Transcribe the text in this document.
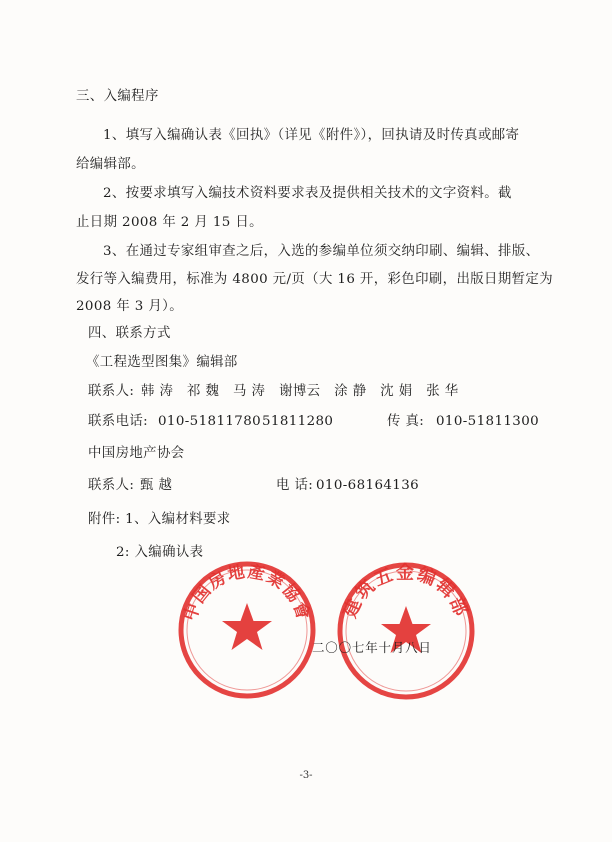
三、入编程序
1、填写入编确认表《回执》（详见《附件》），回执请及时传真或邮寄
给编辑部。
2、按要求填写入编技术资料要求表及提供相关技术的文字资料。截
止日期 2008 年 2 月 15 日。
3、在通过专家组审查之后，入选的参编单位须交纳印刷、编辑、排版、
发行等入编费用，标准为 4800 元/页（大 16 开，彩色印刷，出版日期暂定为
2008 年 3 月）。
四、联系方式
《工程选型图集》编辑部
联系人: 韩 涛　祁 魏　马 涛　谢博云　涂 静　沈 娟　张 华
联系电话: 010-51811780 51811280	传 真: 010-51811300
中国房地产协会
联系人: 甄 越	电 话: 010-68164136
附件: 1、入编材料要求
2: 入编确认表
中国房地產業協會 建筑五金编辑部
二〇〇七年十月八日
-3-
